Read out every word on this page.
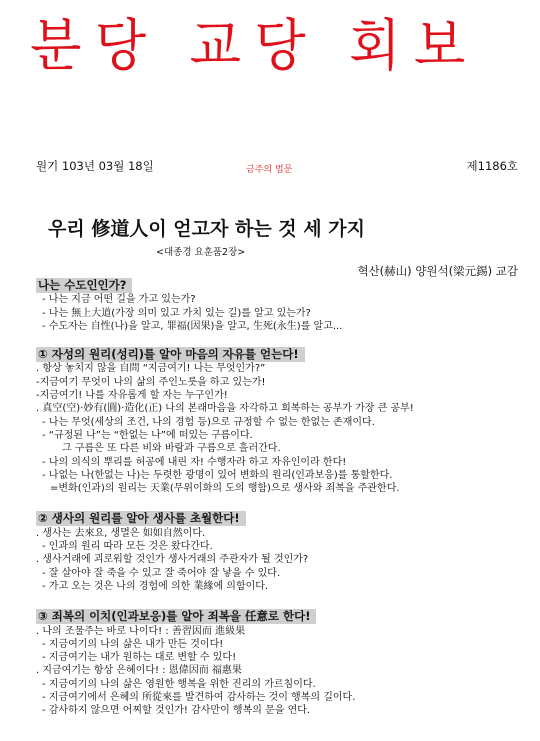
분당 교당 회보
원기 103년 03월 18일	금주의 법문	제1186호
우리 修道人이 얻고자 하는 것 세 가지
<대종경 요훈품2장>
혁산(赫山) 양원석(梁元錫) 교감
나는 수도인인가?

- 나는 지금 어떤 길을 가고 있는가?

- 나는 無上大道(가장 의미 있고 가치 있는 길)를 알고 있는가?

- 수도자는 自性(나)을 알고, 罪福(因果)을 알고, 生死(永生)를 알고...

① 자성의 원리(성리)를 알아 마음의 자유를 얻는다!

. 항상 놓치지 않을 自問 “지금여기! 나는 무엇인가?”

-지금여기 무엇이 나의 삶의 주인노릇을 하고 있는가!

-지금여기! 나를 자유롭게 할 자는 누구인가!

. 真空(空)·妙有(圓)·造化(正) 나의 본래마음을 자각하고 회복하는 공부가 가장 큰 공부!

- 나는 무엇(세상의 조건, 나의 경험 등)으로 규정할 수 없는 한없는 존재이다.

- “규정된 나”는 “한없는 나”에 떠있는 구름이다.

그 구름은 또 다른 비와 바람과 구름으로 흘러간다.

- 나의 의식의 뿌리를 허공에 내린 자! 수행자라 하고 자유인이라 한다!

- 나없는 나(한없는 나)는 두렷한 광명이 있어 변화의 원리(인과보응)를 통할한다.

=변화(인과)의 원리는 天業(무위이화의 도의 행함)으로 생사와 죄복을 주관한다.

② 생사의 원리를 알아 생사를 초월한다!

. 생사는 去來요, 생멸은 如如自然이다.

- 인과의 원리 따라 모든 것은 왔다간다.

. 생사거래에 괴로워할 것인가 생사거래의 주관자가 될 것인가?

- 잘 살아야 잘 죽을 수 있고 잘 죽어야 잘 낳을 수 있다.

- 가고 오는 것은 나의 경험에 의한 業緣에 의함이다.

③ 죄복의 이치(인과보응)를 알아 죄복을 任意로 한다!

. 나의 조물주는 바로 나이다! : 善習因而 進級果

- 지금여기의 나의 삶은 내가 만든 것이다!

- 지금여기는 내가 원하는 대로 변할 수 있다!

. 지금여기는 항상 은혜이다! : 恩偉因而 福惠果

- 지금여기의 나의 삶은 영원한 행복을 위한 진리의 가르침이다.

- 지금여기에서 은혜의 所從來를 발견하여 감사하는 것이 행복의 길이다.

- 감사하지 않으면 어찌할 것인가! 감사만이 행복의 문을 연다.
